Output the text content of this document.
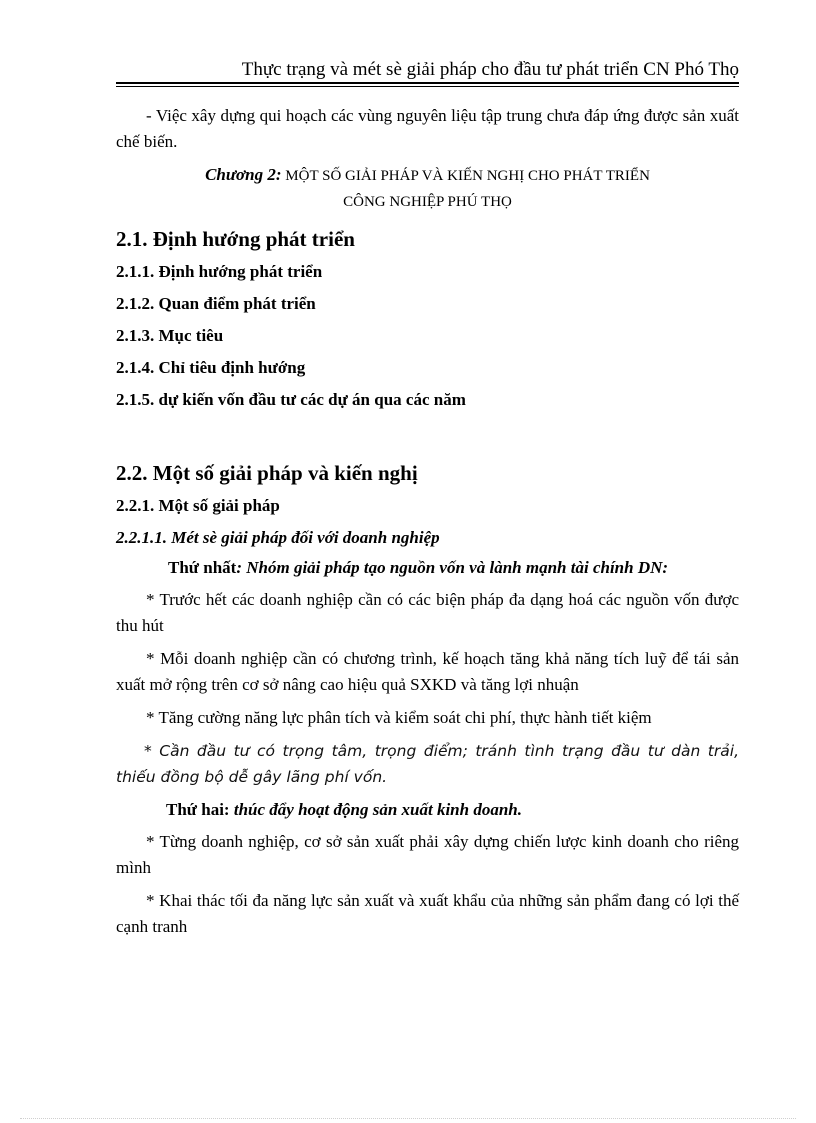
Thực trạng và mét sè giải pháp cho đầu tư phát triển CN Phó Thọ

- Việc xây dựng qui hoạch các vùng nguyên liệu tập trung chưa đáp ứng được sản xuất chế biến.

Chương 2: MỘT SỐ GIẢI PHÁP VÀ KIẾN NGHỊ CHO PHÁT TRIỂN
CÔNG NGHIỆP PHÚ THỌ
2.1. Định hướng phát triển
2.1.1. Định hướng phát triển
2.1.2. Quan điểm phát triển
2.1.3. Mục tiêu
2.1.4. Chỉ tiêu định hướng
2.1.5. dự kiến vốn đầu tư các dự án qua các năm
2.2. Một số giải pháp và kiến nghị
2.2.1. Một số giải pháp
2.2.1.1. Mét sè giải pháp đối với doanh nghiệp
Thứ nhất: Nhóm giải pháp tạo nguồn vốn và lành mạnh tài chính DN:

* Trước hết các doanh nghiệp cần có các biện pháp đa dạng hoá các nguồn vốn được thu hút

* Mỗi doanh nghiệp cần có chương trình, kế hoạch tăng khả năng tích luỹ để tái sản xuất mở rộng trên cơ sở nâng cao hiệu quả SXKD và tăng lợi nhuận

* Tăng cường năng lực phân tích và kiểm soát chi phí, thực hành tiết kiệm

* Cần đầu tư có trọng tâm, trọng điểm; tránh tình trạng đầu tư dàn trải, thiếu đồng bộ dễ gây lãng phí vốn.

Thứ hai: thúc đẩy hoạt động sản xuất kinh doanh.

* Từng doanh nghiệp, cơ sở sản xuất phải xây dựng chiến lược kinh doanh cho riêng mình

* Khai thác tối đa năng lực sản xuất và xuất khẩu của những sản phẩm đang có lợi thế cạnh tranh
